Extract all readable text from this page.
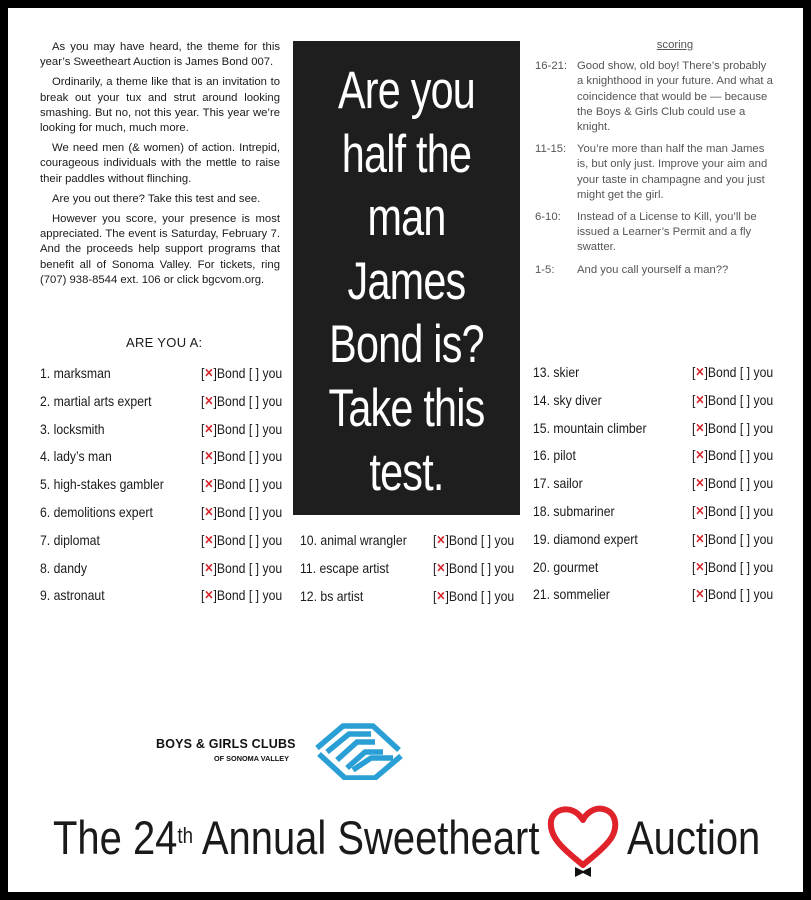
As you may have heard, the theme for this year’s Sweetheart Auction is James Bond 007.

Ordinarily, a theme like that is an invitation to break out your tux and strut around looking smashing. But no, not this year. This year we’re looking for much, much more.

We need men (& women) of action. Intrepid, courageous individuals with the mettle to raise their paddles without flinching.

Are you out there? Take this test and see.

However you score, your presence is most appreciated. The event is Saturday, February 7. And the proceeds help support programs that benefit all of Sonoma Valley. For tickets, ring (707) 938-8544 ext. 106 or click bgcvom.org.

ARE YOU A:
Are you
half the
man
James
Bond is?
Take this
test.
scoring
16-21: Good show, old boy! There’s probably a knighthood in your future. And what a coincidence that would be — because the Boys & Girls Club could use a knight.
11-15: You’re more than half the man James is, but only just. Improve your aim and your taste in champagne and you just might get the girl.
6-10: Instead of a License to Kill, you’ll be issued a Learner’s Permit and a fly swatter.
1-5: And you call yourself a man??
1. marksman	[✕]Bond [ ] you
2. martial arts expert	[✕]Bond [ ] you
3. locksmith	[✕]Bond [ ] you
4. lady’s man	[✕]Bond [ ] you
5. high-stakes gambler	[✕]Bond [ ] you
6. demolitions expert	[✕]Bond [ ] you
7. diplomat	[✕]Bond [ ] you
8. dandy	[✕]Bond [ ] you
9. astronaut	[✕]Bond [ ] you
10. animal wrangler [✕]Bond [ ] you
11. escape artist	[✕]Bond [ ] you
12. bs artist	[✕]Bond [ ] you
13. skier	[✕]Bond [ ] you
14. sky diver	[✕]Bond [ ] you
15. mountain climber	[✕]Bond [ ] you
16. pilot	[✕]Bond [ ] you
17. sailor	[✕]Bond [ ] you
18. submariner	[✕]Bond [ ] you
19. diamond expert	[✕]Bond [ ] you
20. gourmet	[✕]Bond [ ] you
21. sommelier	[✕]Bond [ ] you
BOYS & GIRLS CLUBS
OF SONOMA VALLEY
The 24th Annual Sweetheart Auction
